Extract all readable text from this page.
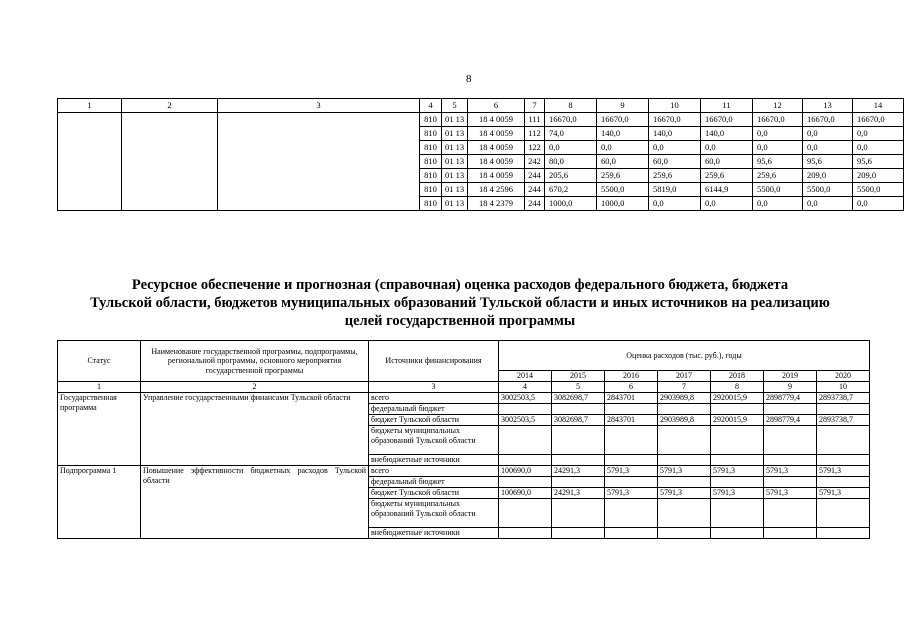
8
1	2	3	4	5	6	7	8	9	10	11	12	13	14
			810	01 13	18 4 0059	111	16670,0	16670,0	16670,0	16670,0	16670,0	16670,0	16670,0
			810	01 13	18 4 0059	112	74,0	140,0	140,0	140,0	0,0	0,0	0,0
			810	01 13	18 4 0059	122	0,0	0,0	0,0	0,0	0,0	0,0	0,0
			810	01 13	18 4 0059	242	80,0	60,0	60,0	60,0	95,6	95,6	95,6
			810	01 13	18 4 0059	244	205,6	259,6	259,6	259,6	259,6	209,0	209,0
			810	01 13	18 4 2596	244	670,2	5500,0	5819,0	6144,9	5500,0	5500,0	5500,0
			810	01 13	18 4 2379	244	1000,0	1000,0	0,0	0,0	0,0	0,0	0,0
Ресурсное обеспечение и прогнозная (справочная) оценка расходов федерального бюджета, бюджета
Тульской области, бюджетов муниципальных образований Тульской области и иных источников на реализацию
целей государственной программы
Статус	Наименование государственной программы, подпрограммы, региональной программы, основного мероприятия государственной программы	Источники финансирования	Оценка расходов (тыс. руб.), годы						
			2014	2015	2016	2017	2018	2019	2020
1	2	3	4	5	6	7	8	9	10
Государственная программа	Управление государственными финансами Тульской области	всего	3002503,5	3082698,7	2843701	2903989,8	2920015,9	2898779,4	2893738,7
		федеральный бюджет							
		бюджет Тульской области	3002503,5	3082698,7	2843701	2903989,8	2920015,9	2898779,4	2893738,7
		бюджеты муниципальных образований Тульской области							
		внебюджетные источники							
Подпрограмма 1	Повышение эффективности бюджетных расходов Тульской области	всего	100690,0	24291,3	5791,3	5791,3	5791,3	5791,3	5791,3
		федеральный бюджет							
		бюджет Тульской области	100690,0	24291,3	5791,3	5791,3	5791,3	5791,3	5791,3
		бюджеты муниципальных образований Тульской области							
		внебюджетные источники							
